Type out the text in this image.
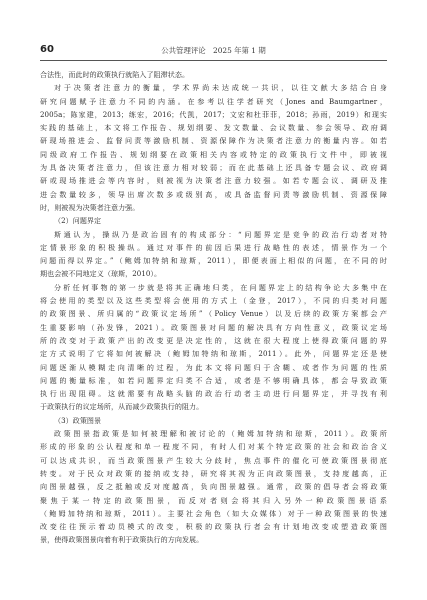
60	公共管理评论　2025 年第 1 期
合法性，而此时的政策执行就陷入了阻滞状态。
对于决策者注意力的衡量，学术界尚未达成统一共识，以往文献大多结合自身
研究问题赋予注意力不同的内涵。在参考以往学者研究（Jones and Baumgartner，
2005a；陈家建，2013；练宏，2016；代凯，2017；文宏和杜菲菲，2018；孙雨，2019）和现实
实践的基础上，本文将工作报告、规划纲要、发文数量、会议数量、参会领导、政府调
研现场推进会、监督问责等激励机制、资源保障作为决策者注意力的衡量内容。如若
同级政府工作报告、规划纲要在政策相关内容或特定的政策执行文件中，即被视
为具备决策者注意力，但该注意力相对较弱；而在此基础上还具备专题会议、政府调
研或现场推进会等内容时，则被视为决策者注意力较强。如若专题会议、调研及推
进会数量较多，领导出席次数多或级别高，或具备监督问责等激励机制、资源保障
时，则被视为决策者注意力强。
（2）问题界定
斯通认为，操纵乃是政治固有的构成部分：“问题界定是竞争的政治行动者对特
定情景形象的积极操纵。通过对事件的前因后果进行战略性的表述，情景作为一个
问题而得以界定。”（鲍姆加特纳和琼斯，2011），即便表面上相似的问题，在不同的时
期也会被不同地定义（琼斯，2010）。
分析任何事物的第一步就是将其正确地归类，在问题界定上的结构争论大多集中在
将会使用的类型以及这些类型将会使用的方式上（金登，2017），不同的归类对问题
的政策图景、所归属的“政策议定场所”（Policy Venue）以及后续的政策方案都会产
生重要影响（孙发锋，2021）。政策图景对问题的解决具有方向性意义，政策议定场
所的改变对于政策产出的改变更是决定性的，这就在很大程度上使得政策问题的界
定方式说明了它将如何被解决（鲍姆加特纳和琼斯，2011）。此外，问题界定还是使
问题逐渐从模糊走向清晰的过程，为此本文将问题归于含糊、或者作为问题的性质
问题的衡量标准，如若问题界定归类不合适，或者是不够明确具体，都会导致政策
执行出现阻碍。这就需要有战略头脑的政治行动者主动进行问题界定，并寻找有利
于政策执行的议定场所，从而减少政策执行的阻力。
（3）政策图景
政策图景指政策是如何被理解和被讨论的（鲍姆加特纳和琼斯，2011）。政策所
形成的形象的公认程度和单一程度不同，有时人们对某个特定政策的社会和政治含义
可以达成共识，而当政策图景产生较大分歧时，焦点事件的催化可使政策图景彻底
转变。对于民众对政策的接纳或支持，研究将其视为正向政策图景，支持度越高，正
向图景越强，反之抵触或反对度越高，负向图景越强。通常，政策的倡导者会将政策
聚焦于某一特定的政策图景，而反对者则会将其归入另外一种政策图景语系
（鲍姆加特纳和琼斯，2011）。主要社会角色（如大众媒体）对于一种政策图景的快速
改变往往预示着动员模式的改变，积极的政策执行者会有计划地改变或塑造政策图
景，使得政策图景向着有利于政策执行的方向发展。
